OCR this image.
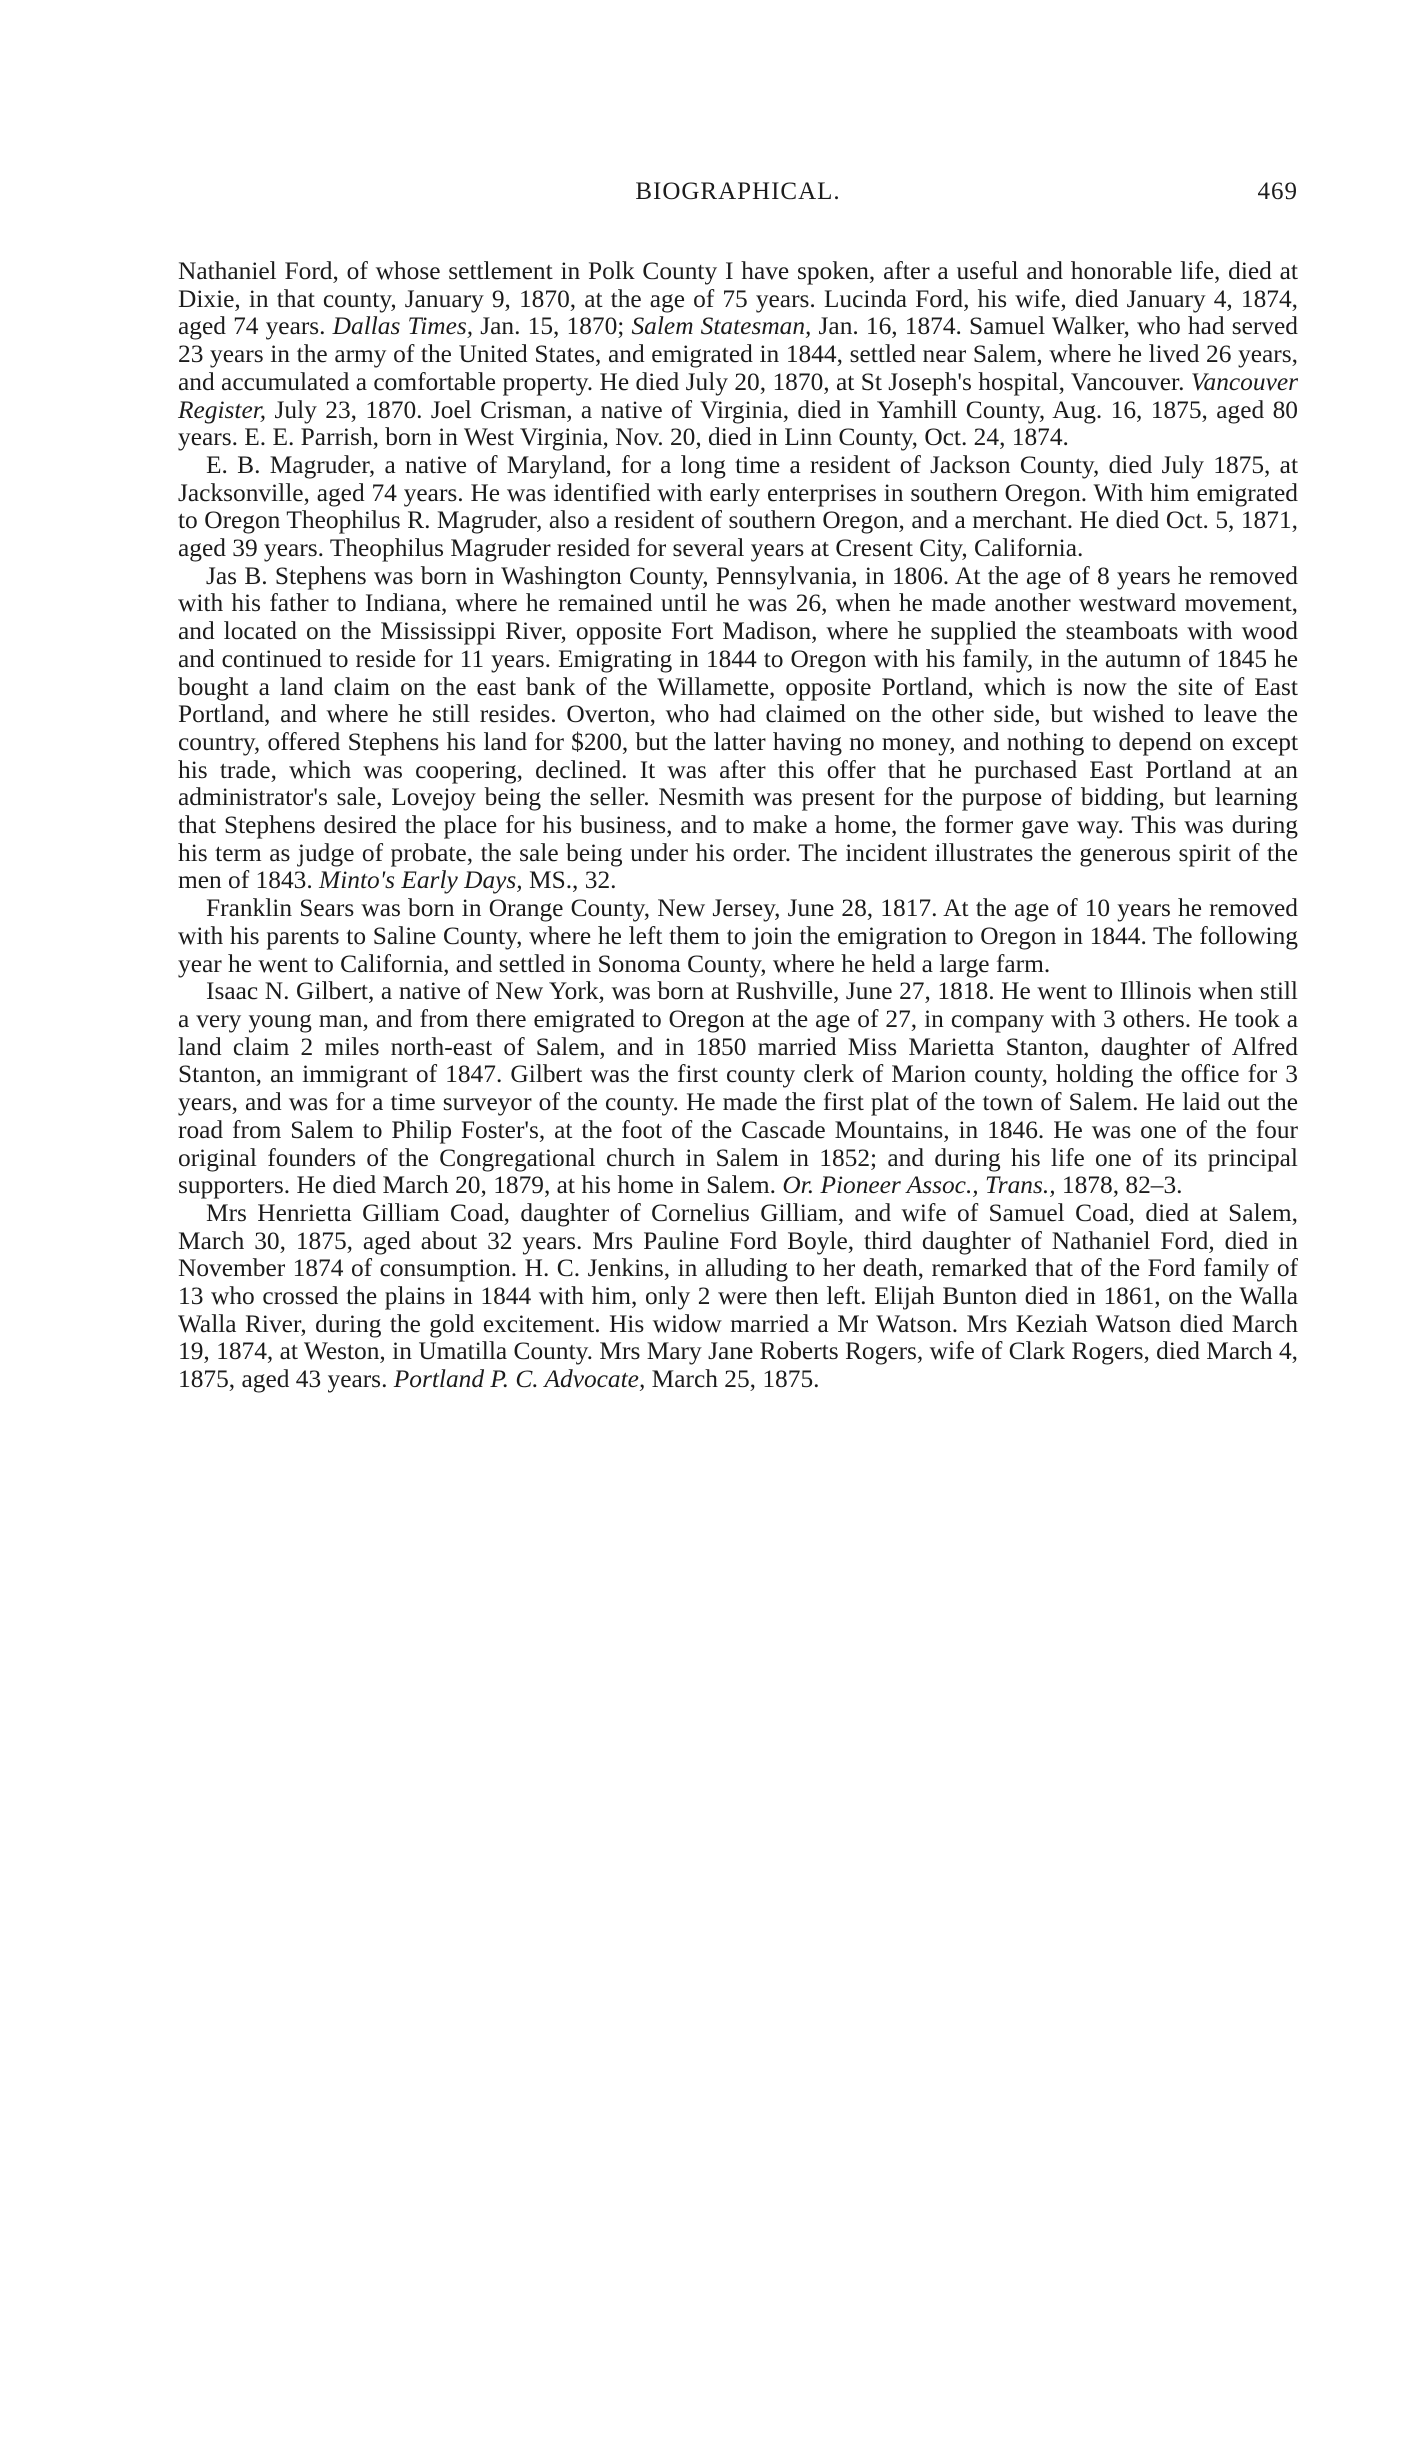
BIOGRAPHICAL.	469

Nathaniel Ford, of whose settlement in Polk County I have spoken, after a useful and honorable life, died at Dixie, in that county, January 9, 1870, at the age of 75 years. Lucinda Ford, his wife, died January 4, 1874, aged 74 years. Dallas Times, Jan. 15, 1870; Salem Statesman, Jan. 16, 1874. Samuel Walker, who had served 23 years in the army of the United States, and emigrated in 1844, settled near Salem, where he lived 26 years, and accumulated a comfortable property. He died July 20, 1870, at St Joseph's hospital, Vancouver. Vancouver Register, July 23, 1870. Joel Crisman, a native of Virginia, died in Yamhill County, Aug. 16, 1875, aged 80 years. E. E. Parrish, born in West Virginia, Nov. 20, died in Linn County, Oct. 24, 1874.

E. B. Magruder, a native of Maryland, for a long time a resident of Jackson County, died July 1875, at Jacksonville, aged 74 years. He was identified with early enterprises in southern Oregon. With him emigrated to Oregon Theophilus R. Magruder, also a resident of southern Oregon, and a merchant. He died Oct. 5, 1871, aged 39 years. Theophilus Magruder resided for several years at Cresent City, California.

Jas B. Stephens was born in Washington County, Pennsylvania, in 1806. At the age of 8 years he removed with his father to Indiana, where he remained until he was 26, when he made another westward movement, and located on the Mississippi River, opposite Fort Madison, where he supplied the steamboats with wood and continued to reside for 11 years. Emigrating in 1844 to Oregon with his family, in the autumn of 1845 he bought a land claim on the east bank of the Willamette, opposite Portland, which is now the site of East Portland, and where he still resides. Overton, who had claimed on the other side, but wished to leave the country, offered Stephens his land for $200, but the latter having no money, and nothing to depend on except his trade, which was coopering, declined. It was after this offer that he purchased East Portland at an administrator's sale, Lovejoy being the seller. Nesmith was present for the purpose of bidding, but learning that Stephens desired the place for his business, and to make a home, the former gave way. This was during his term as judge of probate, the sale being under his order. The incident illustrates the generous spirit of the men of 1843. Minto's Early Days, MS., 32.

Franklin Sears was born in Orange County, New Jersey, June 28, 1817. At the age of 10 years he removed with his parents to Saline County, where he left them to join the emigration to Oregon in 1844. The following year he went to California, and settled in Sonoma County, where he held a large farm.

Isaac N. Gilbert, a native of New York, was born at Rushville, June 27, 1818. He went to Illinois when still a very young man, and from there emigrated to Oregon at the age of 27, in company with 3 others. He took a land claim 2 miles north-east of Salem, and in 1850 married Miss Marietta Stanton, daughter of Alfred Stanton, an immigrant of 1847. Gilbert was the first county clerk of Marion county, holding the office for 3 years, and was for a time surveyor of the county. He made the first plat of the town of Salem. He laid out the road from Salem to Philip Foster's, at the foot of the Cascade Mountains, in 1846. He was one of the four original founders of the Congregational church in Salem in 1852; and during his life one of its principal supporters. He died March 20, 1879, at his home in Salem. Or. Pioneer Assoc., Trans., 1878, 82–3.

Mrs Henrietta Gilliam Coad, daughter of Cornelius Gilliam, and wife of Samuel Coad, died at Salem, March 30, 1875, aged about 32 years. Mrs Pauline Ford Boyle, third daughter of Nathaniel Ford, died in November 1874 of consumption. H. C. Jenkins, in alluding to her death, remarked that of the Ford family of 13 who crossed the plains in 1844 with him, only 2 were then left. Elijah Bunton died in 1861, on the Walla Walla River, during the gold excitement. His widow married a Mr Watson. Mrs Keziah Watson died March 19, 1874, at Weston, in Umatilla County. Mrs Mary Jane Roberts Rogers, wife of Clark Rogers, died March 4, 1875, aged 43 years. Portland P. C. Advocate, March 25, 1875.
